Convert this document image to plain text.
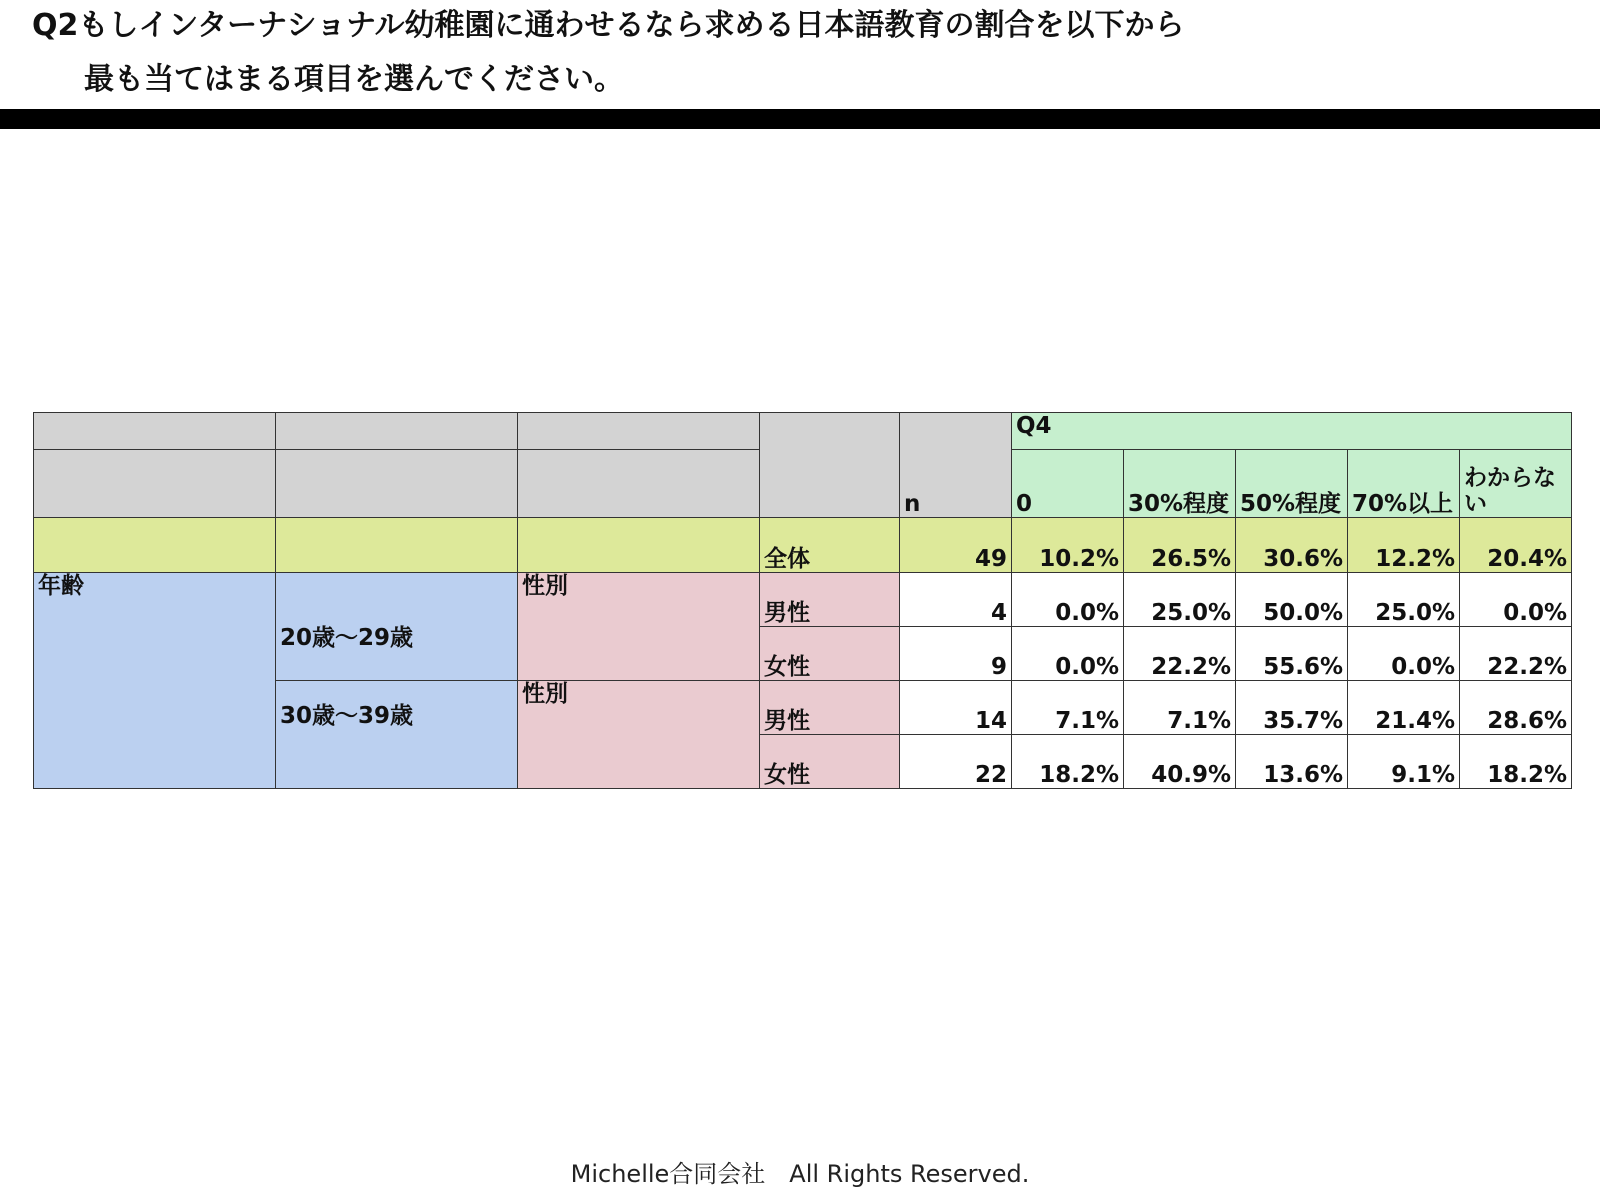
Q2もしインターナショナル幼稚園に通わせるなら求める日本語教育の割合を以下から
最も当てはまる項目を選んでください。
				n	Q4				
					0	30%程度	50%程度	70%以上	わからない
			全体	49	10.2%	26.5%	30.6%	12.2%	20.4%
年齢	20歳〜29歳	性別	男性	4	0.0%	25.0%	50.0%	25.0%	0.0%
			女性	9	0.0%	22.2%	55.6%	0.0%	22.2%
	30歳〜39歳	性別	男性	14	7.1%	7.1%	35.7%	21.4%	28.6%
			女性	22	18.2%	40.9%	13.6%	9.1%	18.2%
Michelle合同会社　All Rights Reserved.
